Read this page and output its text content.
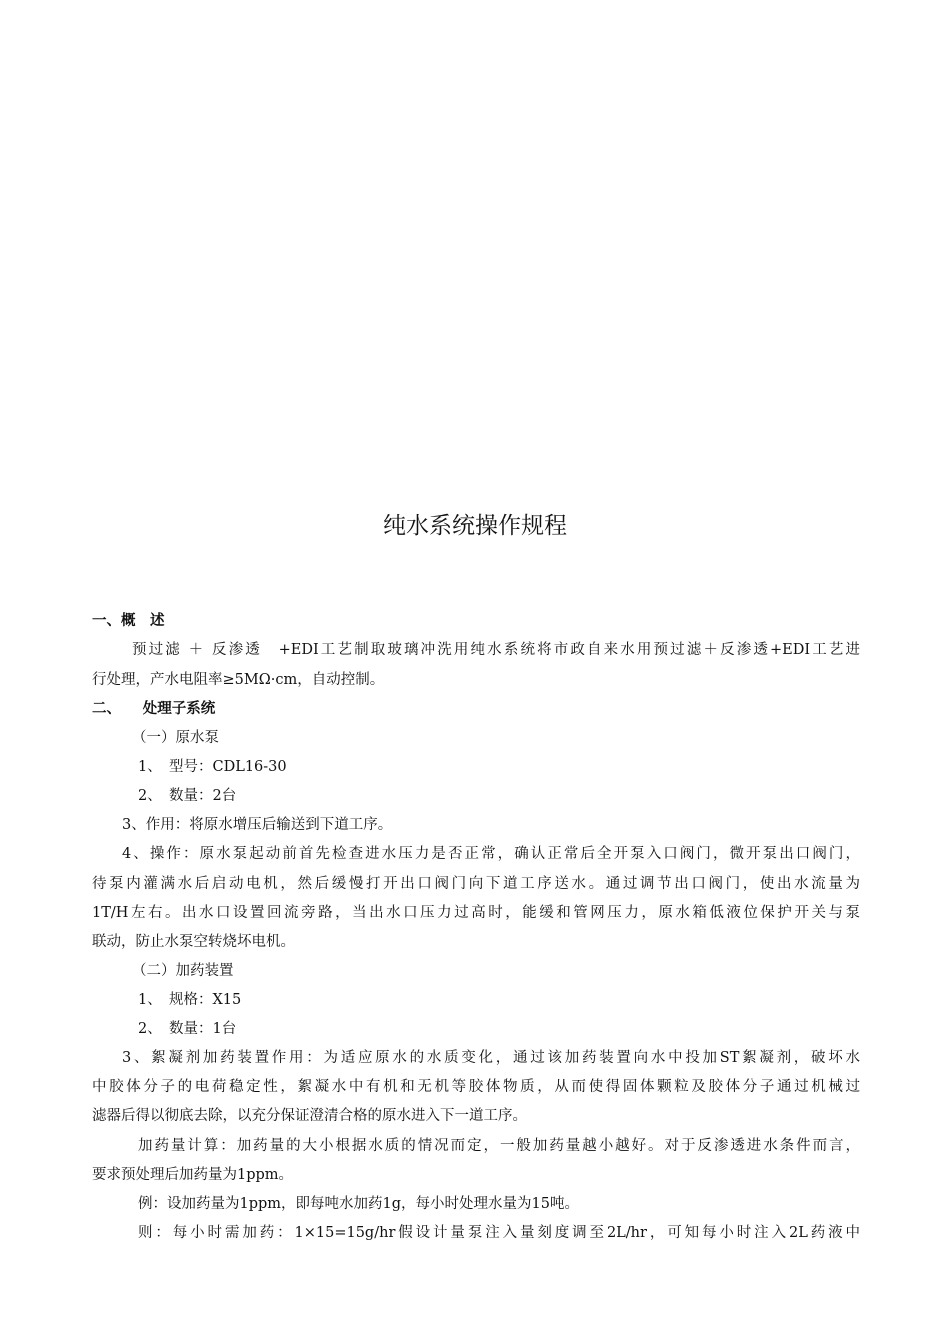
纯水系统操作规程
一、概　述
预过滤 ＋ 反渗透　+EDI工艺制取玻璃冲洗用纯水系统将市政自来水用预过滤＋反渗透+EDI工艺进
行处理，产水电阻率≥5MΩ·cm，自动控制。
二、　　处理子系统
（一）原水泵
1、　型号：CDL16-30
2、　数量：2台
3、作用：将原水增压后输送到下道工序。
4、操作：原水泵起动前首先检查进水压力是否正常，确认正常后全开泵入口阀门，微开泵出口阀门，
待泵内灌满水后启动电机，然后缓慢打开出口阀门向下道工序送水。通过调节出口阀门，使出水流量为
1T/H左右。出水口设置回流旁路，当出水口压力过高时，能缓和管网压力，原水箱低液位保护开关与泵
联动，防止水泵空转烧坏电机。
（二）加药装置
1、　规格：X15
2、　数量：1台
3、絮凝剂加药装置作用：为适应原水的水质变化，通过该加药装置向水中投加ST絮凝剂，破坏水
中胶体分子的电荷稳定性，絮凝水中有机和无机等胶体物质，从而使得固体颗粒及胶体分子通过机械过
滤器后得以彻底去除，以充分保证澄清合格的原水进入下一道工序。
加药量计算：加药量的大小根据水质的情况而定，一般加药量越小越好。对于反渗透进水条件而言，
要求预处理后加药量为1ppm。
例：设加药量为1ppm，即每吨水加药1g，每小时处理水量为15吨。
则：每小时需加药：1×15=15g/hr假设计量泵注入量刻度调至2L/hr，可知每小时注入2L药液中
